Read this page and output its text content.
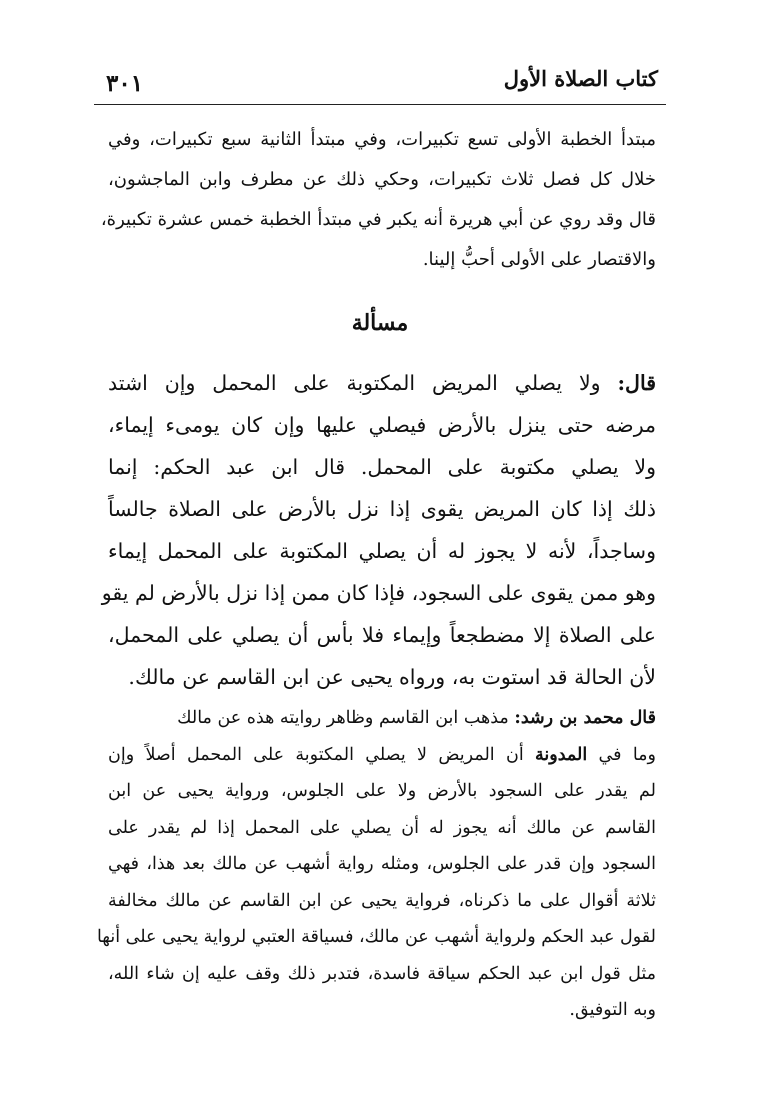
كتاب الصلاة الأول
٣٠١
مبتدأ الخطبة الأولى تسع تكبيرات، وفي مبتدأ الثانية سبع تكبيرات، وفي
خلال كل فصل ثلاث تكبيرات، وحكي ذلك عن مطرف وابن الماجشون،
قال وقد روي عن أبي هريرة أنه يكبر في مبتدأ الخطبة خمس عشرة تكبيرة،
والاقتصار على الأولى أحبُّ إلينا.
مسألة
قال: ولا يصلي المريض المكتوبة على المحمل وإن اشتد
مرضه حتى ينزل بالأرض فيصلي عليها وإن كان يومىء إيماء،
ولا يصلي مكتوبة على المحمل. قال ابن عبد الحكم: إنما
ذلك إذا كان المريض يقوى إذا نزل بالأرض على الصلاة جالساً
وساجداً، لأنه لا يجوز له أن يصلي المكتوبة على المحمل إيماء
وهو ممن يقوى على السجود، فإذا كان ممن إذا نزل بالأرض لم يقو
على الصلاة إلا مضطجعاً وإيماء فلا بأس أن يصلي على المحمل،
لأن الحالة قد استوت به، ورواه يحيى عن ابن القاسم عن مالك.
قال محمد بن رشد: مذهب ابن القاسم وظاهر روايته هذه عن مالك
وما في المدونة أن المريض لا يصلي المكتوبة على المحمل أصلاً وإن
لم يقدر على السجود بالأرض ولا على الجلوس، ورواية يحيى عن ابن
القاسم عن مالك أنه يجوز له أن يصلي على المحمل إذا لم يقدر على
السجود وإن قدر على الجلوس، ومثله رواية أشهب عن مالك بعد هذا، فهي
ثلاثة أقوال على ما ذكرناه، فرواية يحيى عن ابن القاسم عن مالك مخالفة
لقول عبد الحكم ولرواية أشهب عن مالك، فسياقة العتبي لرواية يحيى على أنها
مثل قول ابن عبد الحكم سياقة فاسدة، فتدبر ذلك وقف عليه إن شاء الله،
وبه التوفيق.
